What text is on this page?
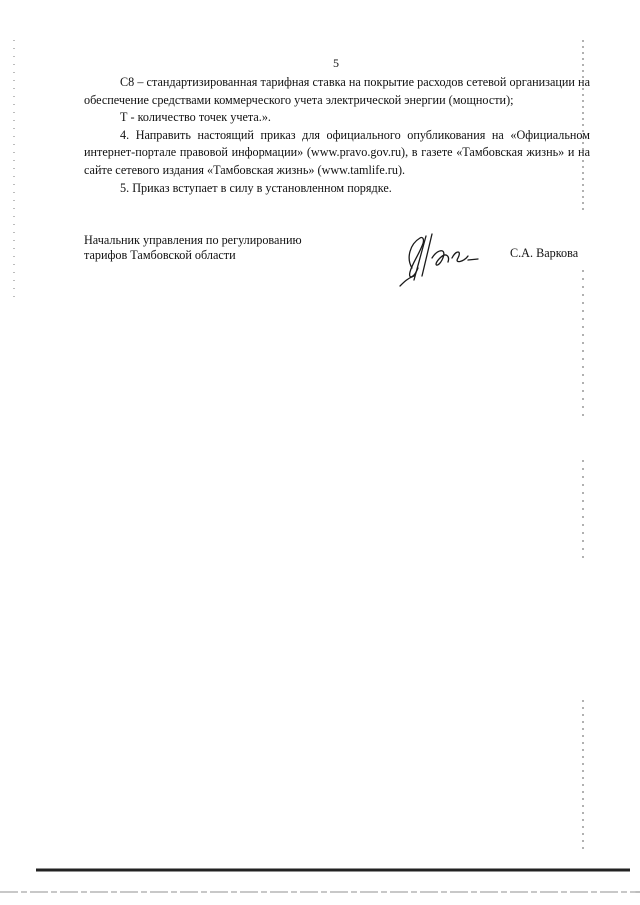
5

С8 – стандартизированная тарифная ставка на покрытие расходов сетевой организации на обеспечение средствами коммерческого учета электрической энергии (мощности);

Т - количество точек учета.».

4. Направить настоящий приказ для официального опубликования на «Официальном интернет-портале правовой информации» (www.pravo.gov.ru), в газете «Тамбовская жизнь» и на сайте сетевого издания «Тамбовская жизнь» (www.tamlife.ru).

5. Приказ вступает в силу в установленном порядке.

Начальник управления по регулированию
тарифов Тамбовской области	С.А. Варкова
